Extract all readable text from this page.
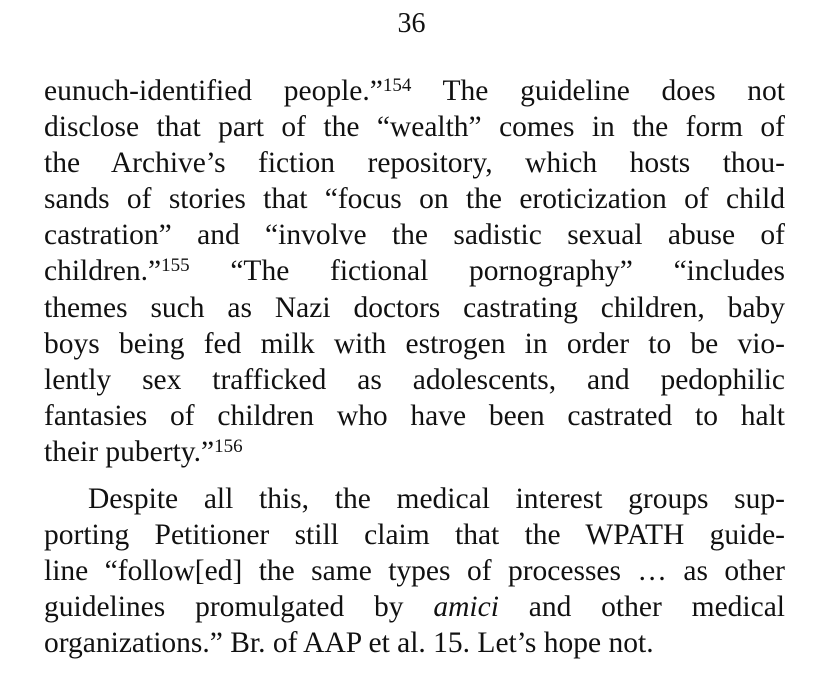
36
eunuch-identified people.”$^{154}$ The guideline does not
disclose that part of the “wealth” comes in the form of
the Archive’s fiction repository, which hosts thou-
sands of stories that “focus on the eroticization of child
castration” and “involve the sadistic sexual abuse of
children.”$^{155}$ “The fictional pornography” “includes
themes such as Nazi doctors castrating children, baby
boys being fed milk with estrogen in order to be vio-
lently sex trafficked as adolescents, and pedophilic
fantasies of children who have been castrated to halt
their puberty.”$^{156}$
Despite all this, the medical interest groups sup-
porting Petitioner still claim that the WPATH guide-
line “follow[ed] the same types of processes … as other
guidelines promulgated by amici and other medical
organizations.” Br. of AAP et al. 15. Let’s hope not.
